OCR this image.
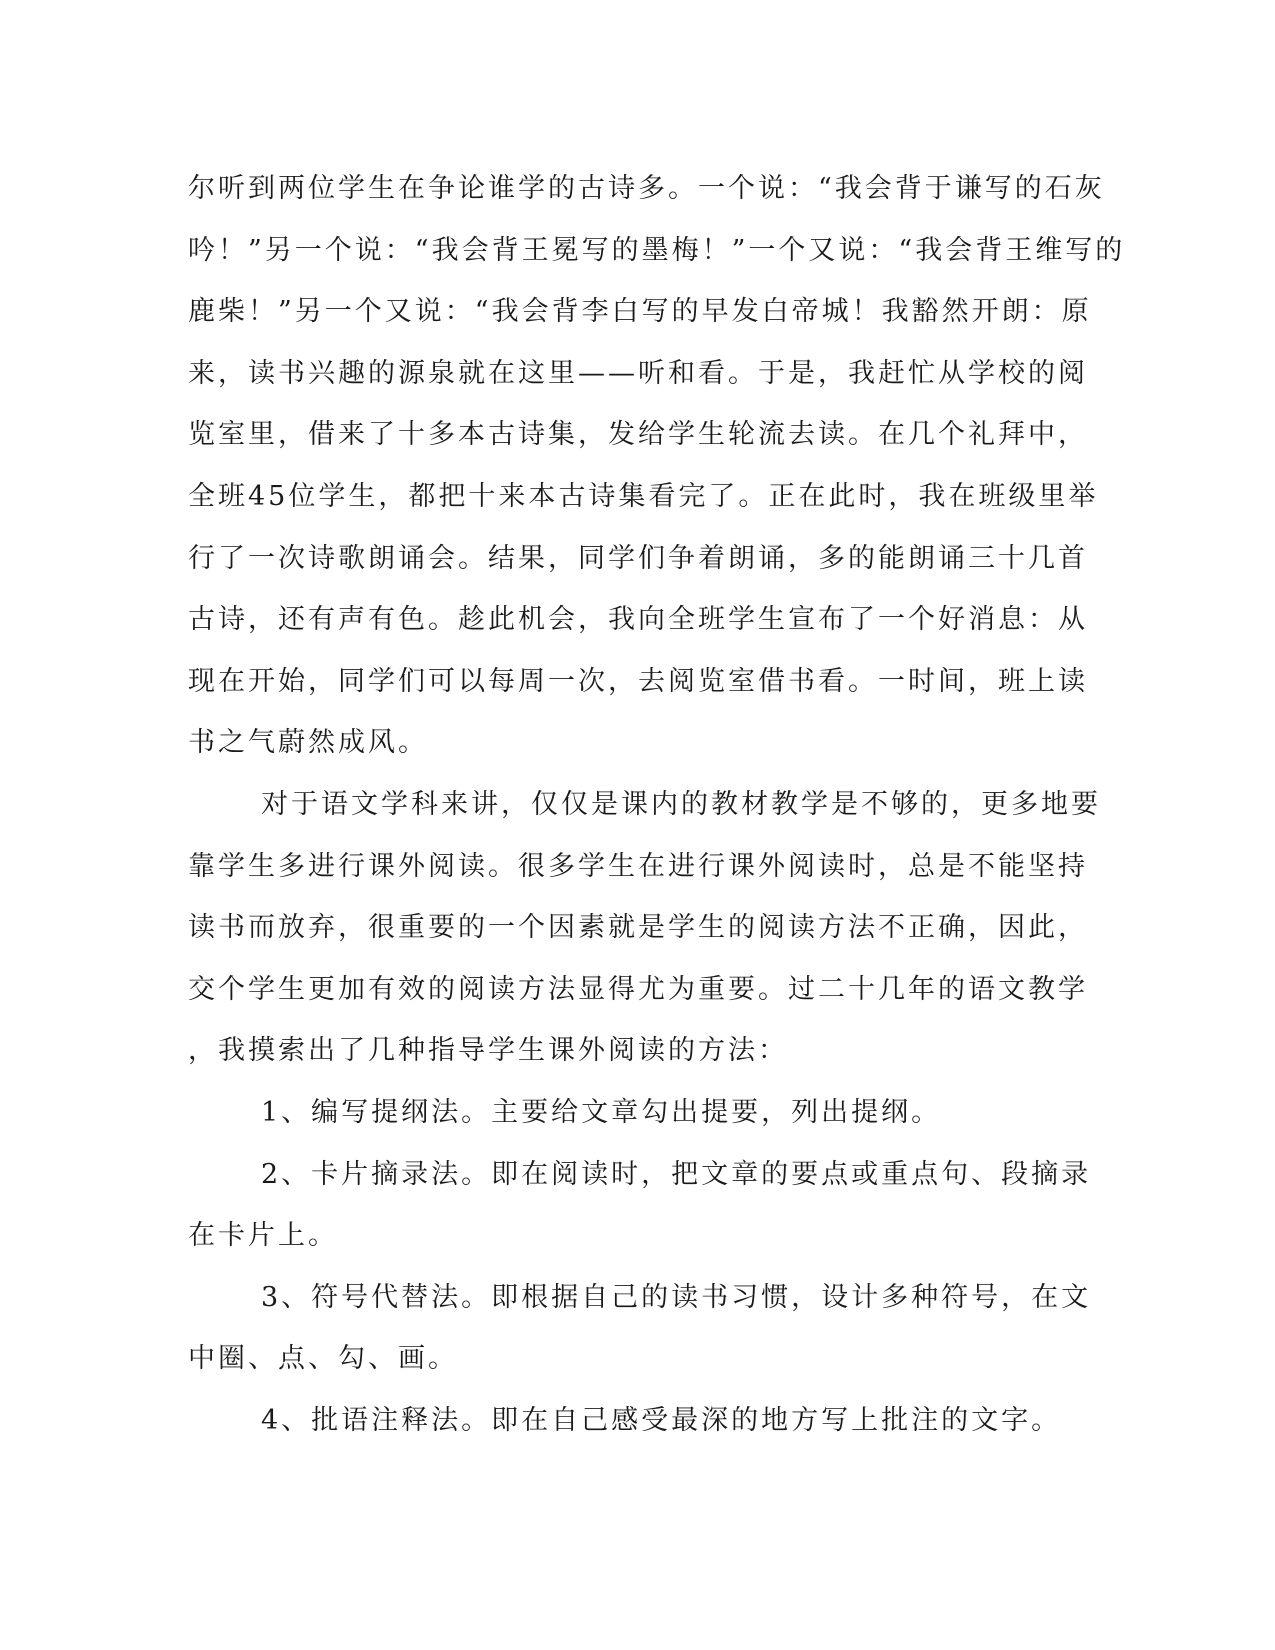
尔听到两位学生在争论谁学的古诗多。一个说：“我会背于谦写的石灰
吟！”另一个说：“我会背王冕写的墨梅！”一个又说：“我会背王维写的
鹿柴！”另一个又说：“我会背李白写的早发白帝城！我豁然开朗：原
来，读书兴趣的源泉就在这里——听和看。于是，我赶忙从学校的阅
览室里，借来了十多本古诗集，发给学生轮流去读。在几个礼拜中，
全班45位学生，都把十来本古诗集看完了。正在此时，我在班级里举
行了一次诗歌朗诵会。结果，同学们争着朗诵，多的能朗诵三十几首
古诗，还有声有色。趁此机会，我向全班学生宣布了一个好消息：从
现在开始，同学们可以每周一次，去阅览室借书看。一时间，班上读
书之气蔚然成风。
对于语文学科来讲，仅仅是课内的教材教学是不够的，更多地要
靠学生多进行课外阅读。很多学生在进行课外阅读时，总是不能坚持
读书而放弃，很重要的一个因素就是学生的阅读方法不正确，因此，
交个学生更加有效的阅读方法显得尤为重要。过二十几年的语文教学
，我摸索出了几种指导学生课外阅读的方法：
1、编写提纲法。主要给文章勾出提要，列出提纲。
2、卡片摘录法。即在阅读时，把文章的要点或重点句、段摘录
在卡片上。
3、符号代替法。即根据自己的读书习惯，设计多种符号，在文
中圈、点、勾、画。
4、批语注释法。即在自己感受最深的地方写上批注的文字。
